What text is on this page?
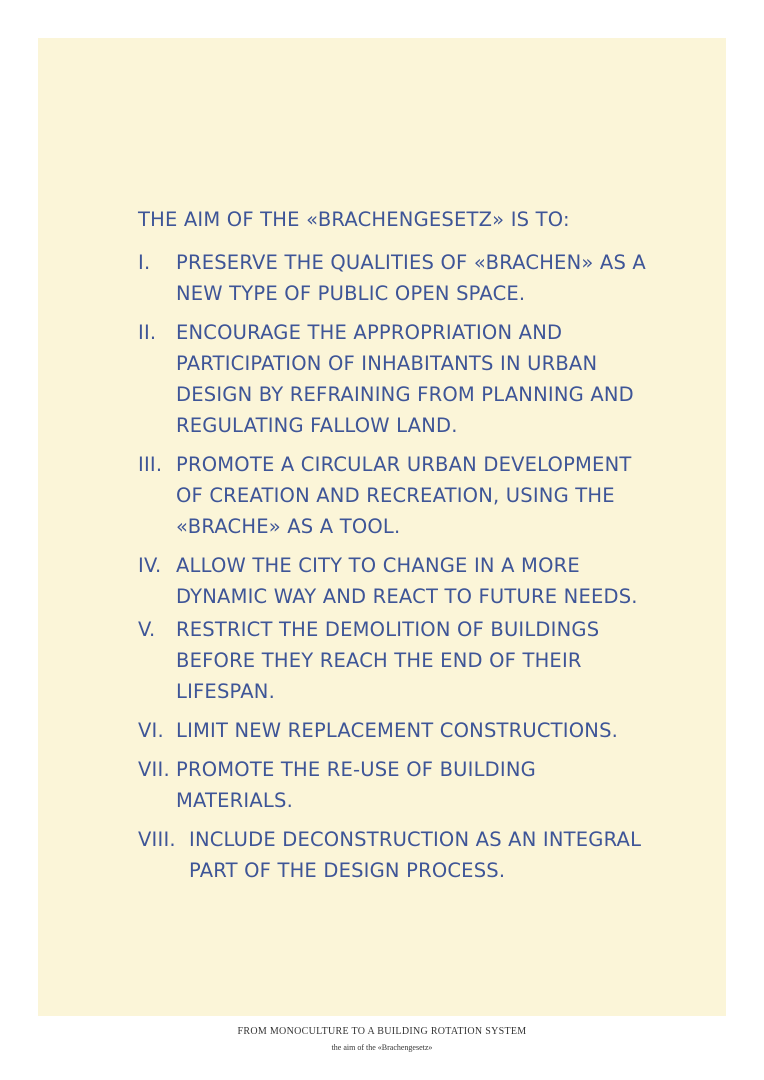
THE AIM OF THE «BRACHENGESETZ» IS TO:
I.	PRESERVE THE QUALITIES OF «BRACHEN» AS A
NEW TYPE OF PUBLIC OPEN SPACE.
II.	ENCOURAGE THE APPROPRIATION AND
PARTICIPATION OF INHABITANTS IN URBAN
DESIGN BY REFRAINING FROM PLANNING AND
REGULATING FALLOW LAND.
III. PROMOTE A CIRCULAR URBAN DEVELOPMENT
OF CREATION AND RECREATION, USING THE
«BRACHE» AS A TOOL.
IV. ALLOW THE CITY TO CHANGE IN A MORE
DYNAMIC WAY AND REACT TO FUTURE NEEDS.
V.	RESTRICT THE DEMOLITION OF BUILDINGS
BEFORE THEY REACH THE END OF THEIR
LIFESPAN.
VI. LIMIT NEW REPLACEMENT CONSTRUCTIONS.
VII. PROMOTE THE RE-USE OF BUILDING MATERIALS.
VIII. INCLUDE DECONSTRUCTION AS AN INTEGRAL
PART OF THE DESIGN PROCESS.
FROM MONOCULTURE TO A BUILDING ROTATION SYSTEM
the aim of the «Brachengesetz»
